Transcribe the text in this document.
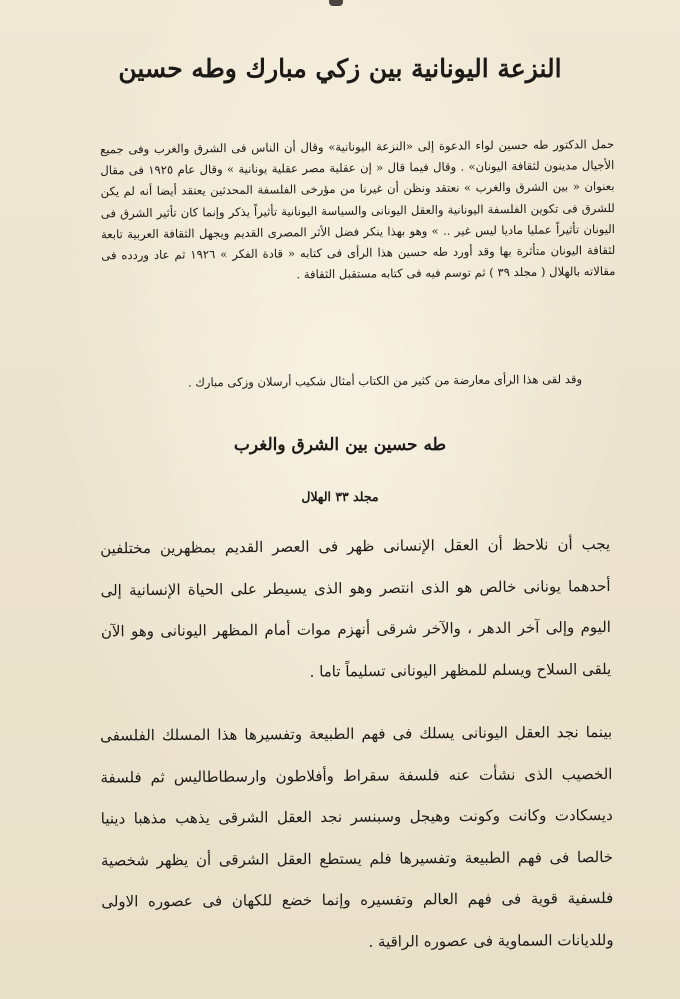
النزعة اليونانية بين زكي مبارك وطه حسين

حمل الدكتور طه حسين لواء الدعوة إلى «النزعة اليونانية» وقال أن الناس فى الشرق والغرب وفى جميع الأجيال مدينون لثقافة اليونان» . وقال فيما قال « إن عقلية مصر عقلية يونانية » وقال عام ١٩٢٥ فى مقال بعنوان « بين الشرق والغرب » نعتقد ونظن أن غيرنا من مؤرخى الفلسفة المحدثين يعتقد أيضا أنه لم يكن للشرق فى تكوين الفلسفة اليونانية والعقل اليونانى والسياسة اليونانية تأثيراً يذكر وإنما كان تأثير الشرق فى اليونان تأثيراً عمليا ماديا ليس غير .. » وهو بهذا ينكر فضل الأثر المصرى القديم ويجهل الثقافة العربية تابعة لثقافة اليونان متأثرة بها وقد أورد طه حسين هذا الرأى فى كتابه « قادة الفكر » ١٩٢٦ ثم عاد وردده فى مقالاته بالهلال ( مجلد ٣٩ ) ثم توسم فيه فى كتابه مستقبل الثقافة .

وقد لقى هذا الرأى معارضة من كثير من الكتاب أمثال شكيب أرسلان وزكى مبارك .

طه حسين بين الشرق والغرب
مجلد ٣٣ الهلال

يجب أن نلاحظ أن العقل الإنسانى ظهر فى العصر القديم بمظهرين مختلفين أحدهما يونانى خالص هو الذى انتصر وهو الذى يسيطر على الحياة الإنسانية إلى اليوم وإلى آخر الدهر ، والآخر شرقى أنهزم موات أمام المظهر اليونانى وهو الآن يلقى السلاح ويسلم للمظهر اليونانى تسليماً تاما .

بينما نجد العقل اليونانى يسلك فى فهم الطبيعة وتفسيرها هذا المسلك الفلسفى الخصيب الذى نشأت عنه فلسفة سقراط وأفلاطون وارسطاطاليس ثم فلسفة ديسكادت وكانت وكونت وهيجل وسبنسر نجد العقل الشرقى يذهب مذهبا دينيا خالصا فى فهم الطبيعة وتفسيرها فلم يستطع العقل الشرقى أن يظهر شخصية فلسفية قوية فى فهم العالم وتفسيره وإنما خضع للكهان فى عصوره الاولى وللديانات السماوية فى عصوره الراقية .
